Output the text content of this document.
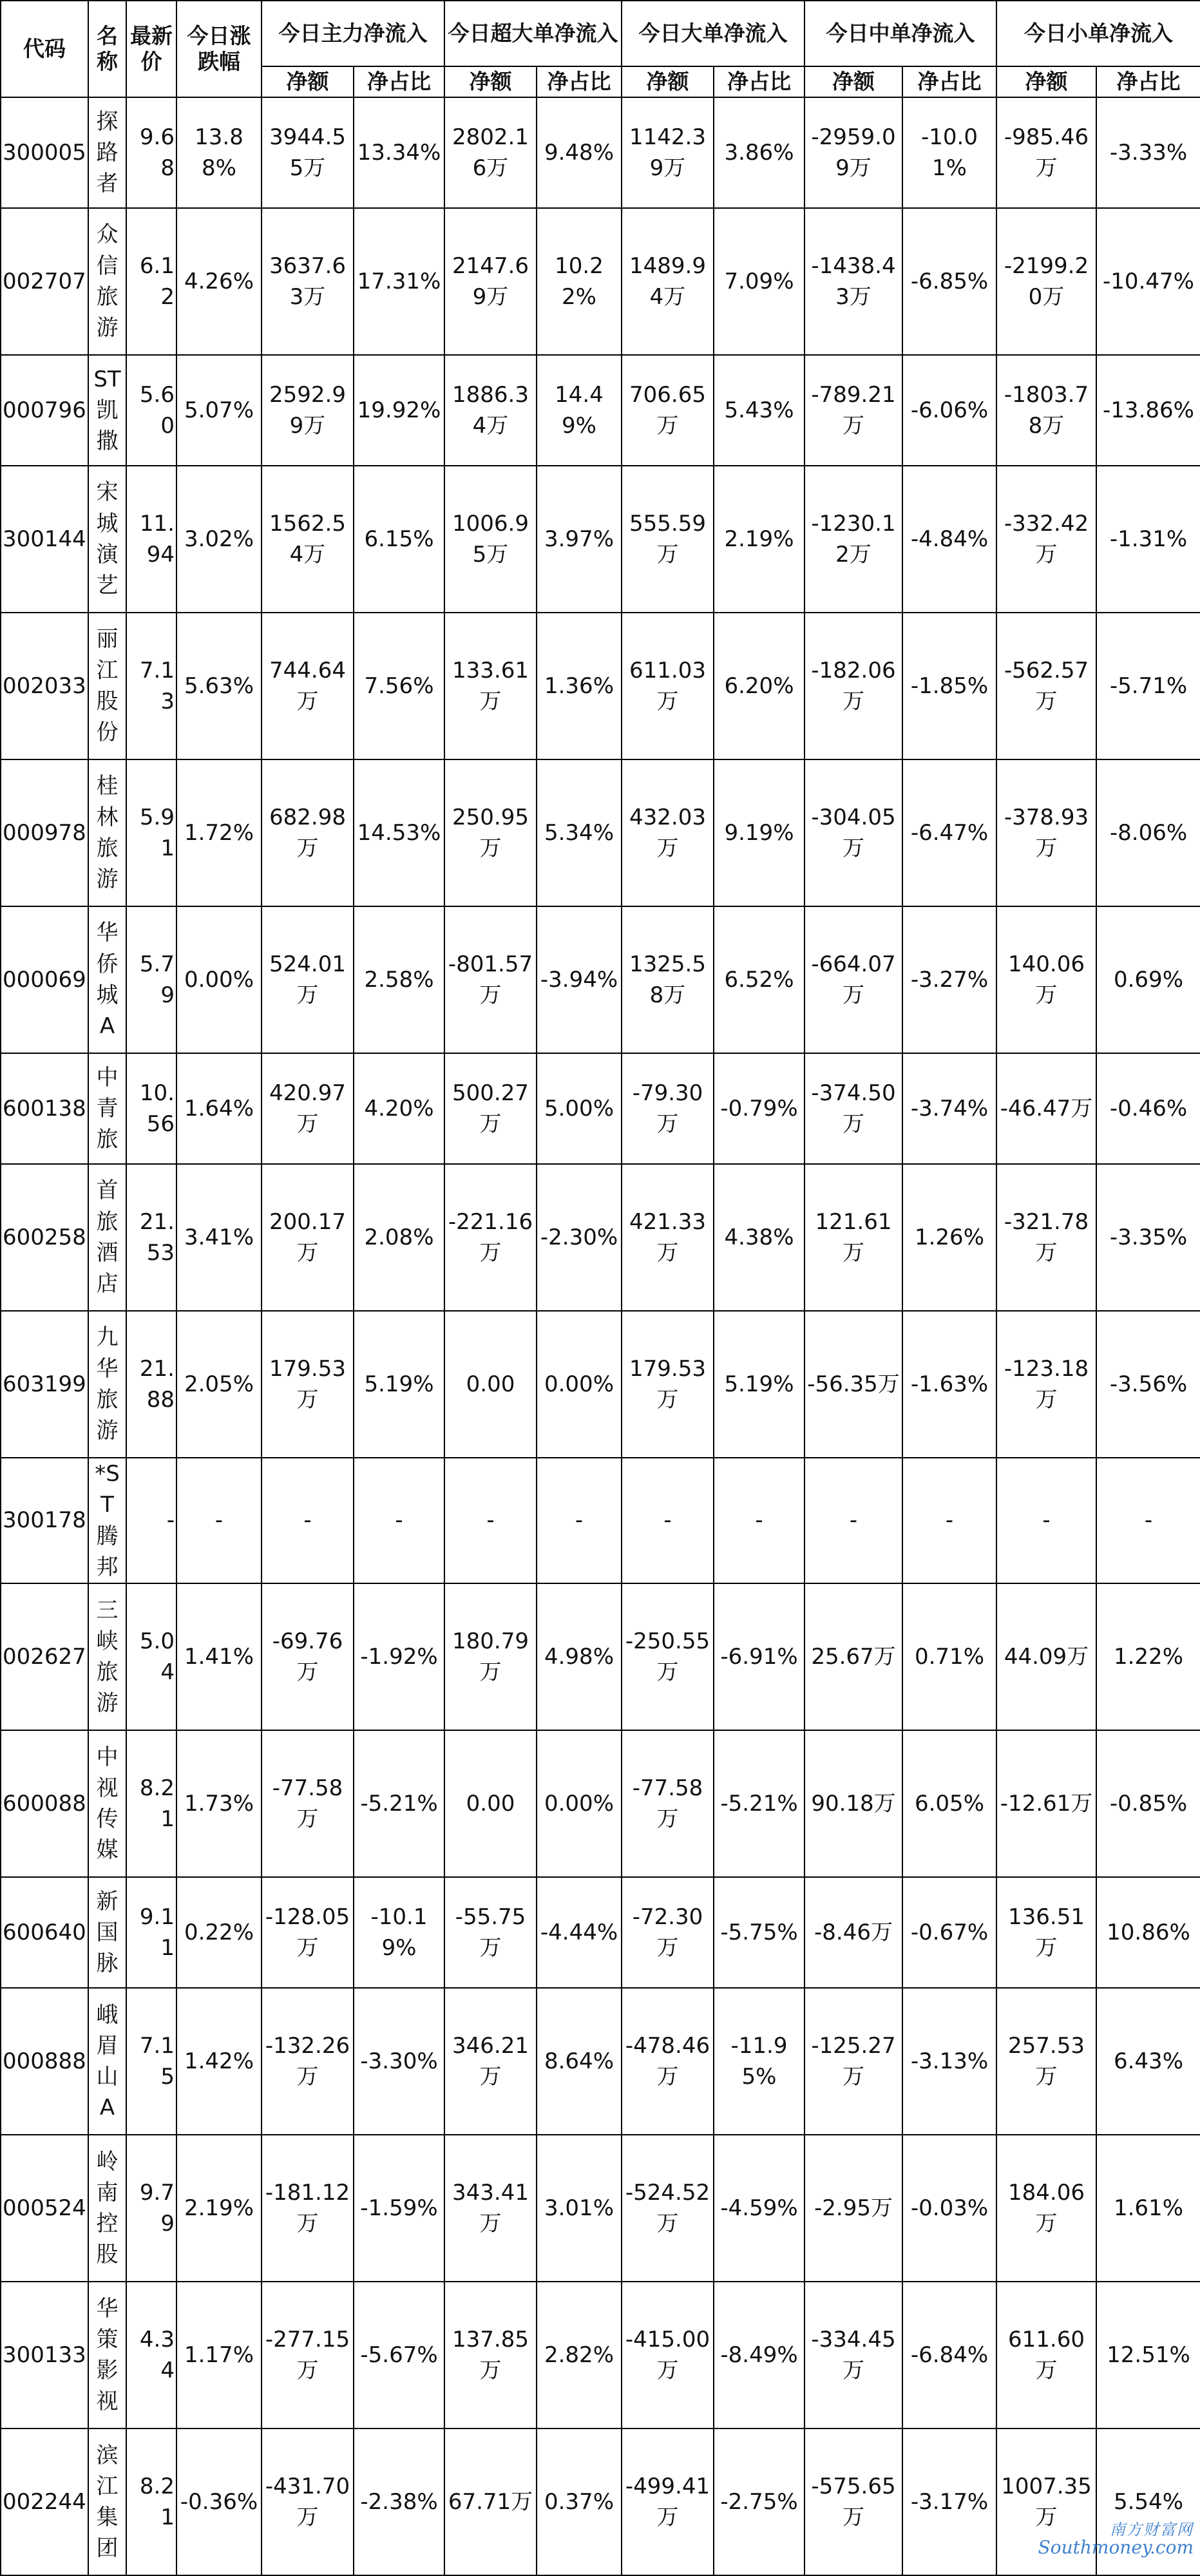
代码	名称	最新价	今日涨跌幅	今日主力净流入		今日超大单净流入		今日大单净流入		今日中单净流入		今日小单净流入	
				净额	净占比	净额	净占比	净额	净占比	净额	净占比	净额	净占比
300005	探路者	9.68	13.88%	3944.55万	13.34%	2802.16万	9.48%	1142.39万	3.86%	-2959.09万	-10.01%	-985.46万	-3.33%
002707	众信旅游	6.12	4.26%	3637.63万	17.31%	2147.69万	10.22%	1489.94万	7.09%	-1438.43万	-6.85%	-2199.20万	-10.47%
000796	ST凯撒	5.60	5.07%	2592.99万	19.92%	1886.34万	14.49%	706.65万	5.43%	-789.21万	-6.06%	-1803.78万	-13.86%
300144	宋城演艺	11.94	3.02%	1562.54万	6.15%	1006.95万	3.97%	555.59万	2.19%	-1230.12万	-4.84%	-332.42万	-1.31%
002033	丽江股份	7.13	5.63%	744.64万	7.56%	133.61万	1.36%	611.03万	6.20%	-182.06万	-1.85%	-562.57万	-5.71%
000978	桂林旅游	5.91	1.72%	682.98万	14.53%	250.95万	5.34%	432.03万	9.19%	-304.05万	-6.47%	-378.93万	-8.06%
000069	华侨城A	5.79	0.00%	524.01万	2.58%	-801.57万	-3.94%	1325.58万	6.52%	-664.07万	-3.27%	140.06万	0.69%
600138	中青旅	10.56	1.64%	420.97万	4.20%	500.27万	5.00%	-79.30万	-0.79%	-374.50万	-3.74%	-46.47万	-0.46%
600258	首旅酒店	21.53	3.41%	200.17万	2.08%	-221.16万	-2.30%	421.33万	4.38%	121.61万	1.26%	-321.78万	-3.35%
603199	九华旅游	21.88	2.05%	179.53万	5.19%	0.00	0.00%	179.53万	5.19%	-56.35万	-1.63%	-123.18万	-3.56%
300178	*ST腾邦	-	-	-	-	-	-	-	-	-	-	-	-
002627	三峡旅游	5.04	1.41%	-69.76万	-1.92%	180.79万	4.98%	-250.55万	-6.91%	25.67万	0.71%	44.09万	1.22%
600088	中视传媒	8.21	1.73%	-77.58万	-5.21%	0.00	0.00%	-77.58万	-5.21%	90.18万	6.05%	-12.61万	-0.85%
600640	新国脉	9.11	0.22%	-128.05万	-10.19%	-55.75万	-4.44%	-72.30万	-5.75%	-8.46万	-0.67%	136.51万	10.86%
000888	峨眉山A	7.15	1.42%	-132.26万	-3.30%	346.21万	8.64%	-478.46万	-11.95%	-125.27万	-3.13%	257.53万	6.43%
000524	岭南控股	9.79	2.19%	-181.12万	-1.59%	343.41万	3.01%	-524.52万	-4.59%	-2.95万	-0.03%	184.06万	1.61%
300133	华策影视	4.34	1.17%	-277.15万	-5.67%	137.85万	2.82%	-415.00万	-8.49%	-334.45万	-6.84%	611.60万	12.51%
002244	滨江集团	8.21	-0.36%	-431.70万	-2.38%	67.71万	0.37%	-499.41万	-2.75%	-575.65万	-3.17%	1007.35万	5.54%
南方财富网
Southmoney.com
